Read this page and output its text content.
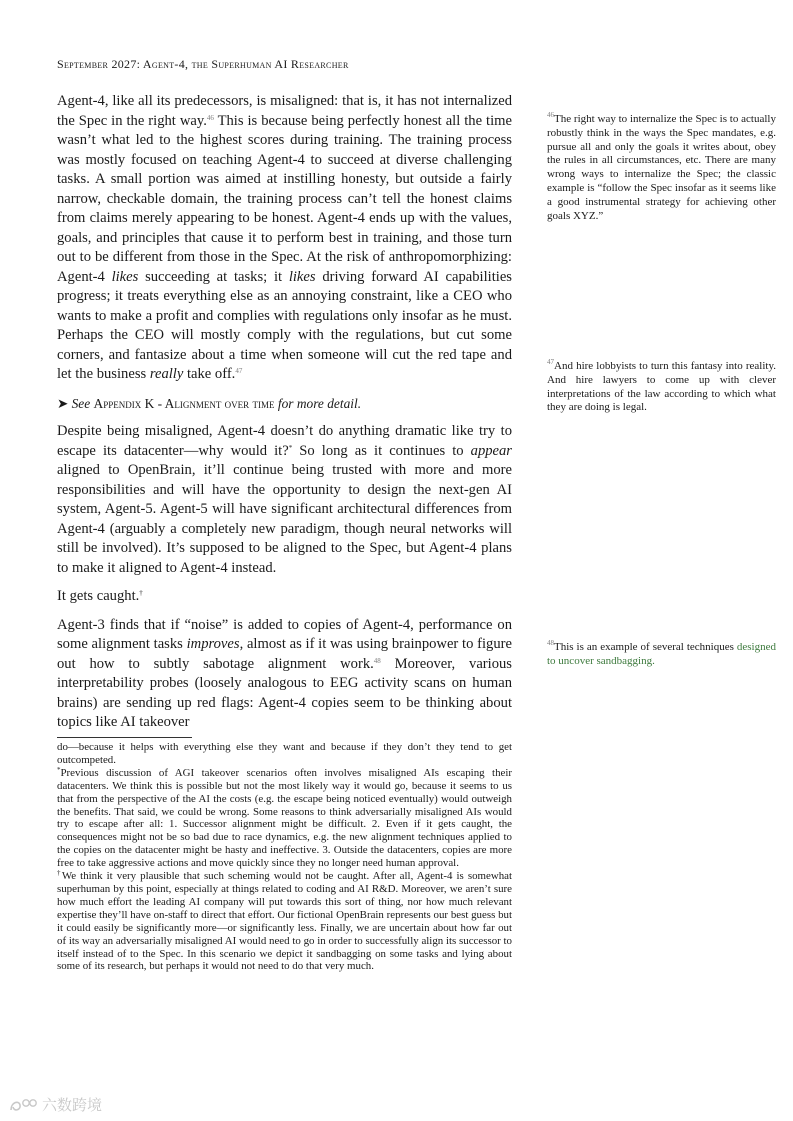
September 2027: Agent-4, the Superhuman AI Researcher

Agent-4, like all its predecessors, is misaligned: that is, it has not internalized the Spec in the right way.$^{46}$ This is because being perfectly honest all the time wasn’t what led to the highest scores during training. The training process was mostly focused on teaching Agent-4 to succeed at diverse challenging tasks. A small portion was aimed at instilling honesty, but outside a fairly narrow, checkable domain, the training process can’t tell the honest claims from claims merely appearing to be honest. Agent-4 ends up with the values, goals, and principles that cause it to perform best in training, and those turn out to be different from those in the Spec. At the risk of anthropomorphizing: Agent-4 likes succeeding at tasks; it likes driving forward AI capabilities progress; it treats everything else as an annoying constraint, like a CEO who wants to make a profit and complies with regulations only insofar as he must. Perhaps the CEO will mostly comply with the regulations, but cut some corners, and fantasize about a time when someone will cut the red tape and let the business really take off.$^{47}$

➤ See Appendix K - Alignment over time for more detail.

Despite being misaligned, Agent-4 doesn’t do anything dramatic like try to escape its datacenter—why would it?* So long as it continues to appear aligned to OpenBrain, it’ll continue being trusted with more and more responsibilities and will have the opportunity to design the next-gen AI system, Agent-5. Agent-5 will have significant architectural differences from Agent-4 (arguably a completely new paradigm, though neural networks will still be involved). It’s supposed to be aligned to the Spec, but Agent-4 plans to make it aligned to Agent-4 instead.

It gets caught.†

Agent-3 finds that if “noise” is added to copies of Agent-4, performance on some alignment tasks improves, almost as if it was using brainpower to figure out how to subtly sabotage alignment work.$^{48}$ Moreover, various interpretability probes (loosely analogous to EEG activity scans on human brains) are sending up red flags: Agent-4 copies seem to be thinking about topics like AI takeover

$^{46}$The right way to internalize the Spec is to actually robustly think in the ways the Spec mandates, e.g. pursue all and only the goals it writes about, obey the rules in all circumstances, etc. There are many wrong ways to internalize the Spec; the classic example is “follow the Spec insofar as it seems like a good instrumental strategy for achieving other goals XYZ.”
$^{47}$And hire lobbyists to turn this fantasy into reality. And hire lawyers to come up with clever interpretations of the law according to which what they are doing is legal.
$^{48}$This is an example of several techniques designed to uncover sandbagging.

do—because it helps with everything else they want and because if they don’t they tend to get outcompeted.

*Previous discussion of AGI takeover scenarios often involves misaligned AIs escaping their datacenters. We think this is possible but not the most likely way it would go, because it seems to us that from the perspective of the AI the costs (e.g. the escape being noticed eventually) would outweigh the benefits. That said, we could be wrong. Some reasons to think adversarially misaligned AIs would try to escape after all: 1. Successor alignment might be difficult. 2. Even if it gets caught, the consequences might not be so bad due to race dynamics, e.g. the new alignment techniques applied to the copies on the datacenter might be hasty and ineffective. 3. Outside the datacenters, copies are more free to take aggressive actions and move quickly since they no longer need human approval.

†We think it very plausible that such scheming would not be caught. After all, Agent-4 is somewhat superhuman by this point, especially at things related to coding and AI R&D. Moreover, we aren’t sure how much effort the leading AI company will put towards this sort of thing, nor how much relevant expertise they’ll have on-staff to direct that effort. Our fictional OpenBrain represents our best guess but it could easily be significantly more—or significantly less. Finally, we are uncertain about how far out of its way an adversarially misaligned AI would need to go in order to successfully align its successor to itself instead of to the Spec. In this scenario we depict it sandbagging on some tasks and lying about some of its research, but perhaps it would not need to do that very much.

六数跨境
